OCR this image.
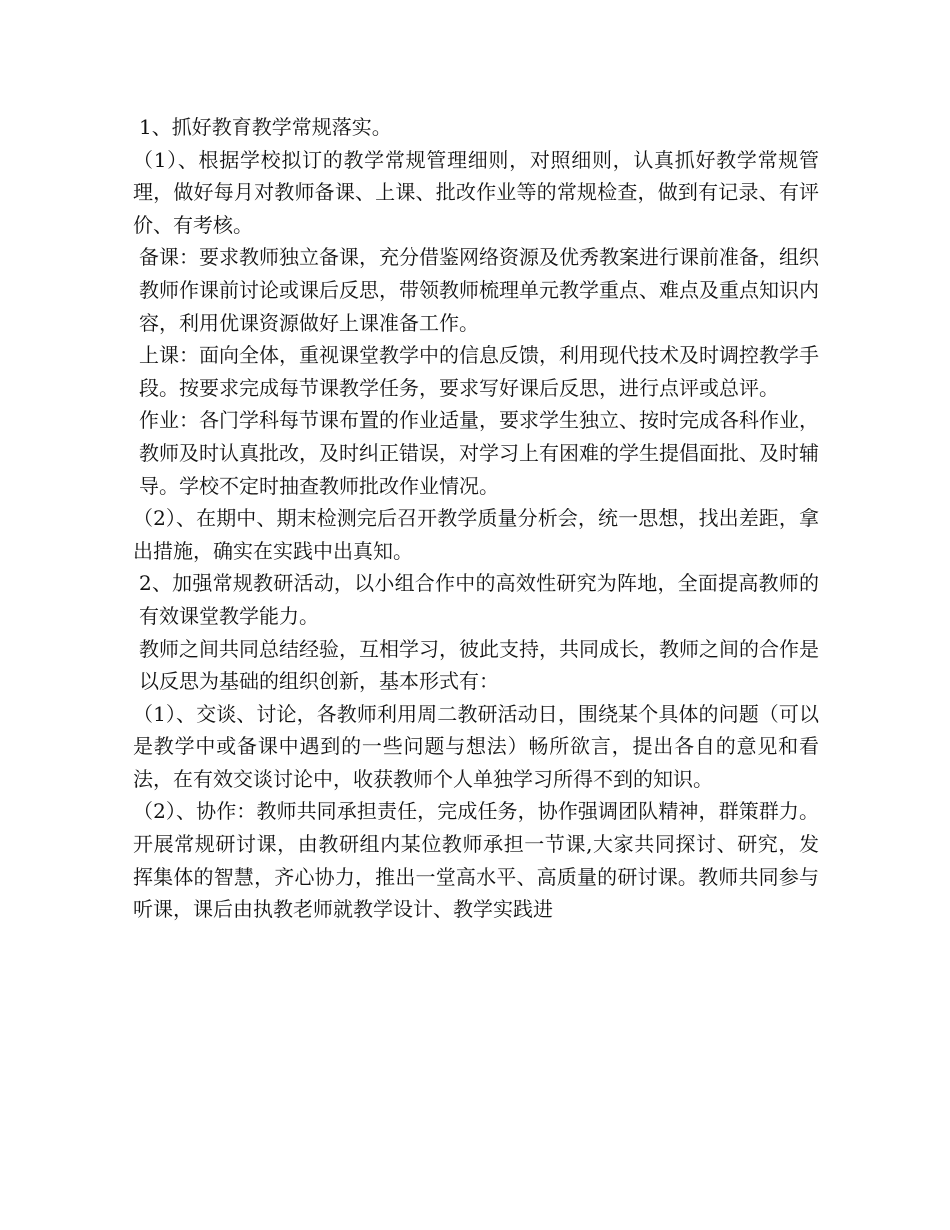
1、抓好教育教学常规落实。

（1）、根据学校拟订的教学常规管理细则，对照细则，认真抓好教学常规管理，做好每月对教师备课、上课、批改作业等的常规检查，做到有记录、有评价、有考核。

备课：要求教师独立备课，充分借鉴网络资源及优秀教案进行课前准备，组织教师作课前讨论或课后反思，带领教师梳理单元教学重点、难点及重点知识内容，利用优课资源做好上课准备工作。

上课：面向全体，重视课堂教学中的信息反馈，利用现代技术及时调控教学手段。按要求完成每节课教学任务，要求写好课后反思，进行点评或总评。

作业：各门学科每节课布置的作业适量，要求学生独立、按时完成各科作业，教师及时认真批改，及时纠正错误，对学习上有困难的学生提倡面批、及时辅导。学校不定时抽查教师批改作业情况。

（2）、在期中、期末检测完后召开教学质量分析会，统一思想，找出差距，拿出措施，确实在实践中出真知。

2、加强常规教研活动，以小组合作中的高效性研究为阵地，全面提高教师的有效课堂教学能力。

教师之间共同总结经验，互相学习，彼此支持，共同成长，教师之间的合作是以反思为基础的组织创新，基本形式有：

（1）、交谈、讨论，各教师利用周二教研活动日，围绕某个具体的问题（可以是教学中或备课中遇到的一些问题与想法）畅所欲言，提出各自的意见和看法，在有效交谈讨论中，收获教师个人单独学习所得不到的知识。

（2）、协作：教师共同承担责任，完成任务，协作强调团队精神，群策群力。开展常规研讨课，由教研组内某位教师承担一节课,大家共同探讨、研究，发挥集体的智慧，齐心协力，推出一堂高水平、高质量的研讨课。教师共同参与听课，课后由执教老师就教学设计、教学实践进
